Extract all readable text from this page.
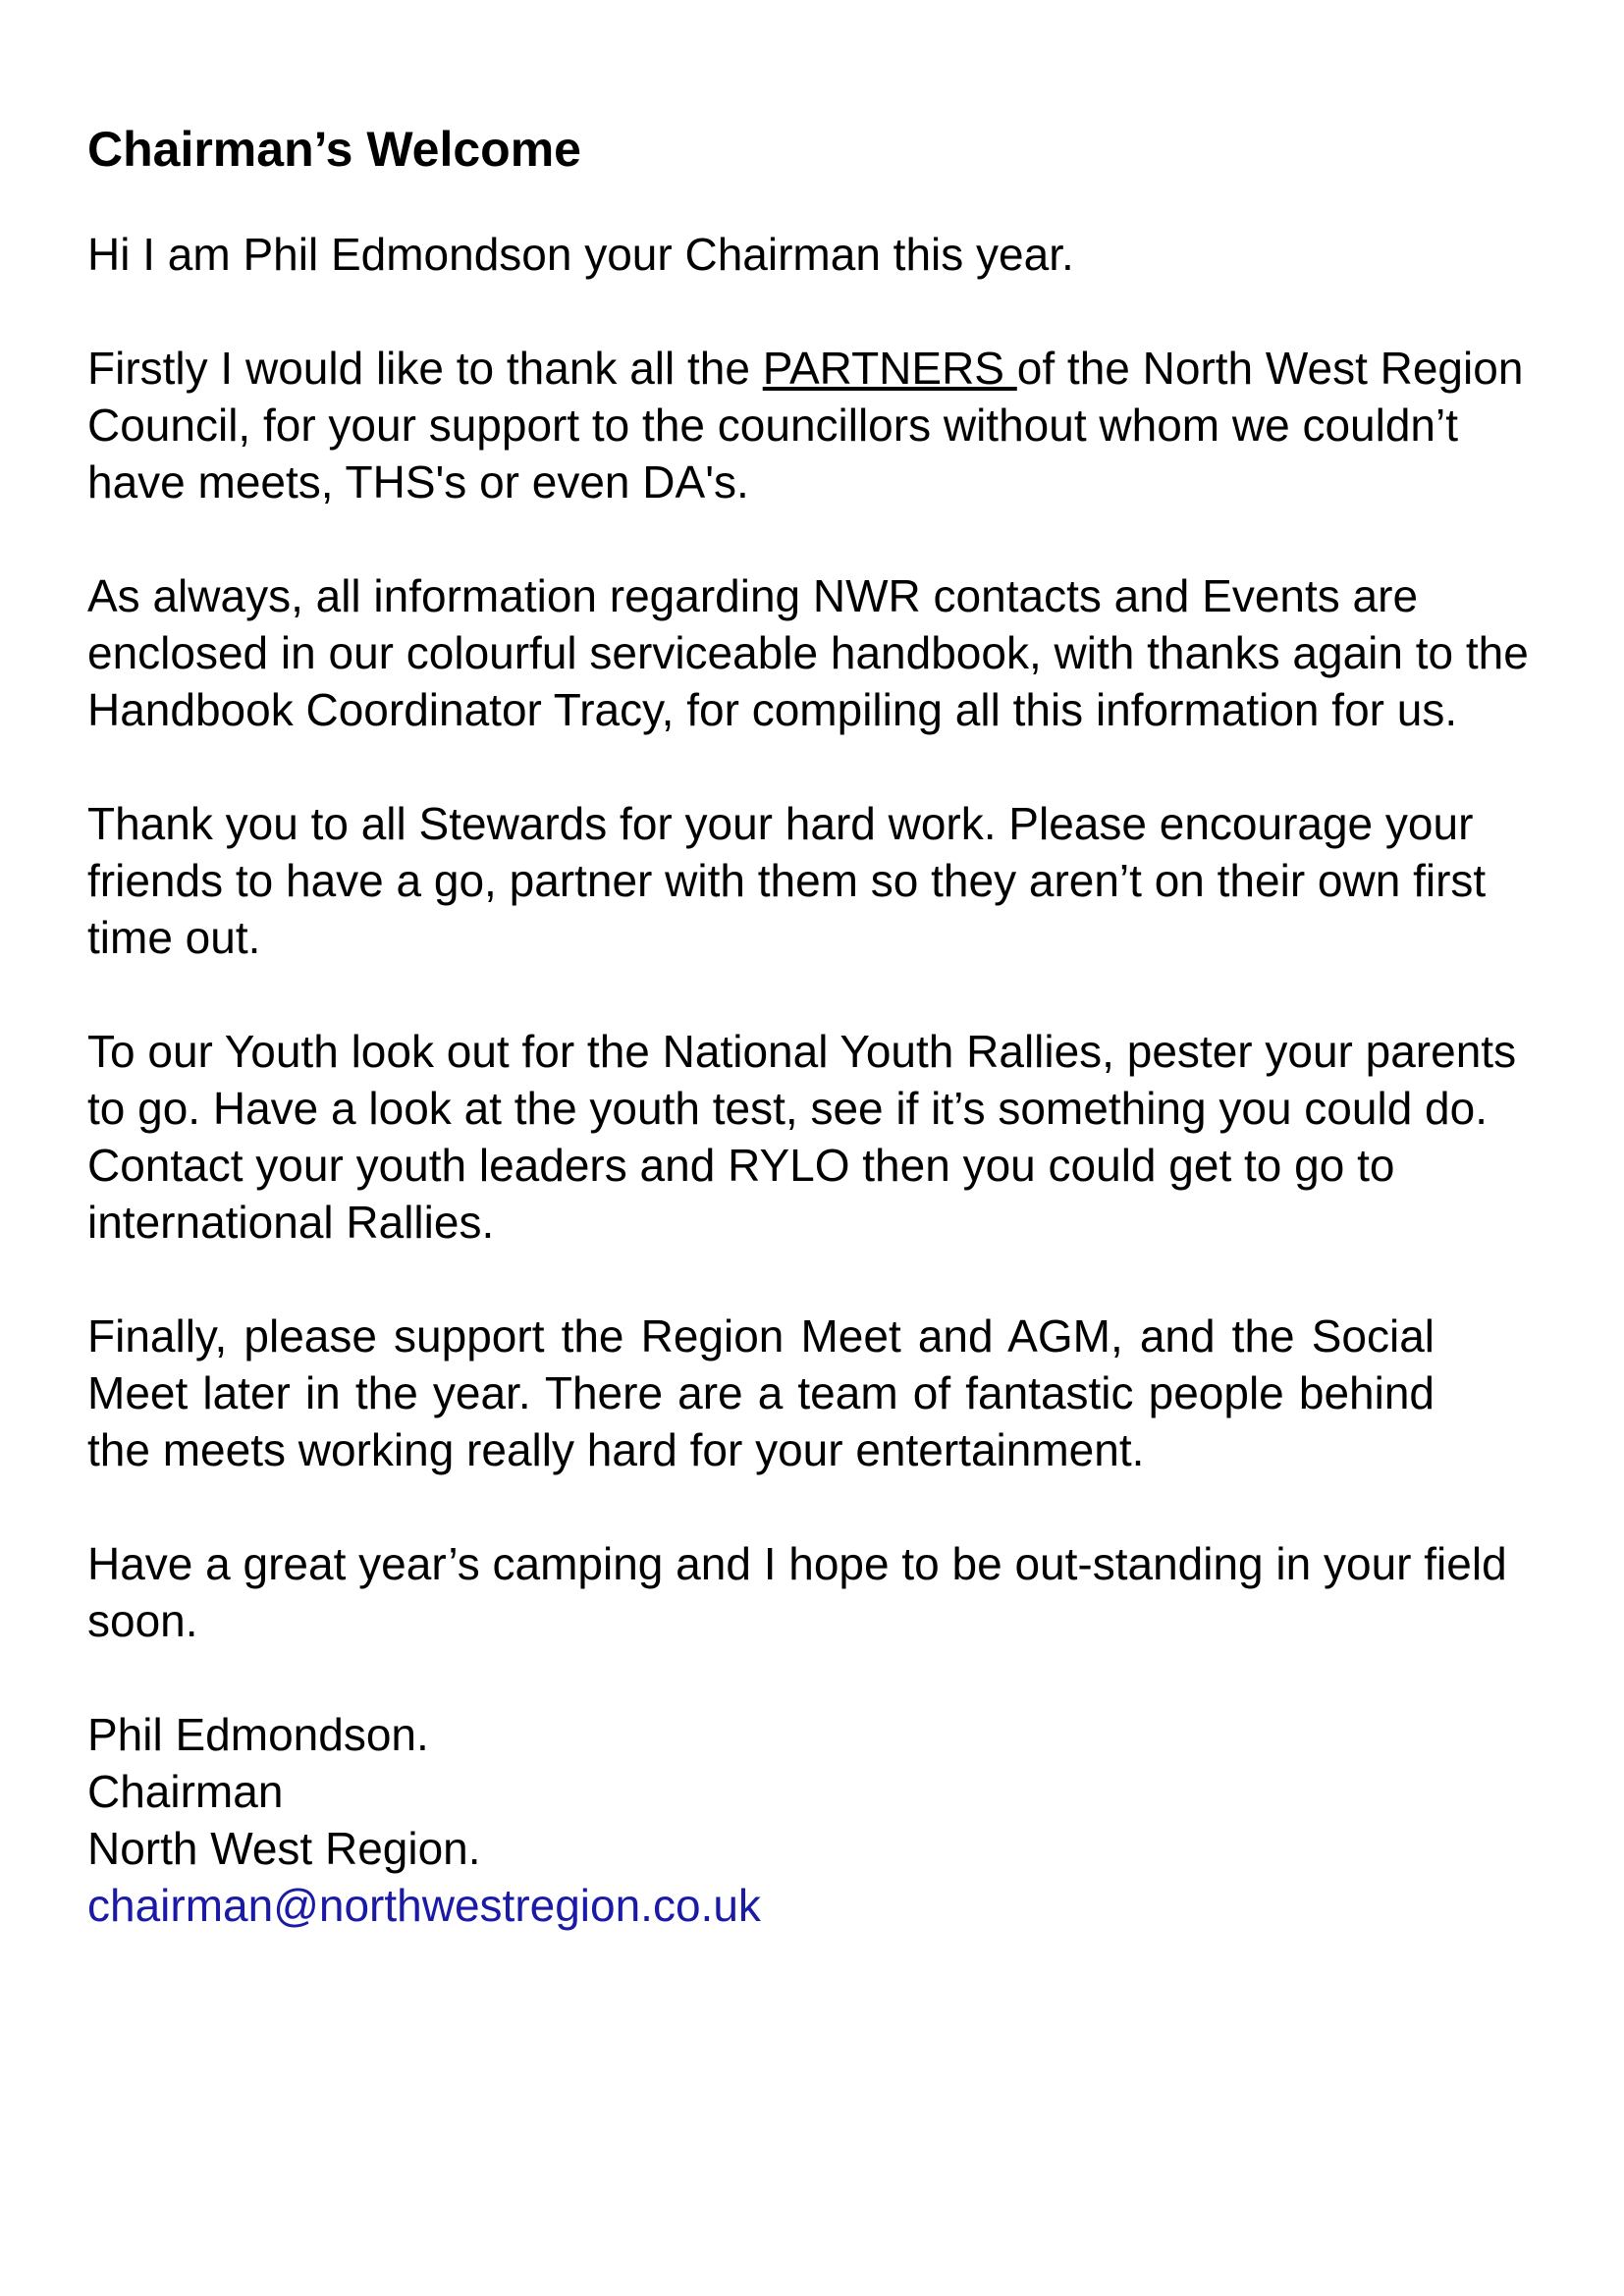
Chairman’s Welcome

Hi I am Phil Edmondson your Chairman this year.

Firstly I would like to thank all the PARTNERS of the North West Region Council, for your support to the councillors without whom we couldn’t have meets, THS's or even DA's.

As always, all information regarding NWR contacts and Events are enclosed in our colourful serviceable handbook, with thanks again to the Handbook Coordinator Tracy, for compiling all this information for us.

Thank you to all Stewards for your hard work. Please encourage your friends to have a go, partner with them so they aren’t on their own first time out.

To our Youth look out for the National Youth Rallies, pester your parents to go. Have a look at the youth test, see if it’s something you could do. Contact your youth leaders and RYLO then you could get to go to international Rallies.

Finally, please support the Region Meet and AGM, and the Social Meet later in the year. There are a team of fantastic people behind the meets working really hard for your entertainment.

Have a great year’s camping and I hope to be out-standing in your field soon.

Phil Edmondson.
Chairman
North West Region.
chairman@northwestregion.co.uk
